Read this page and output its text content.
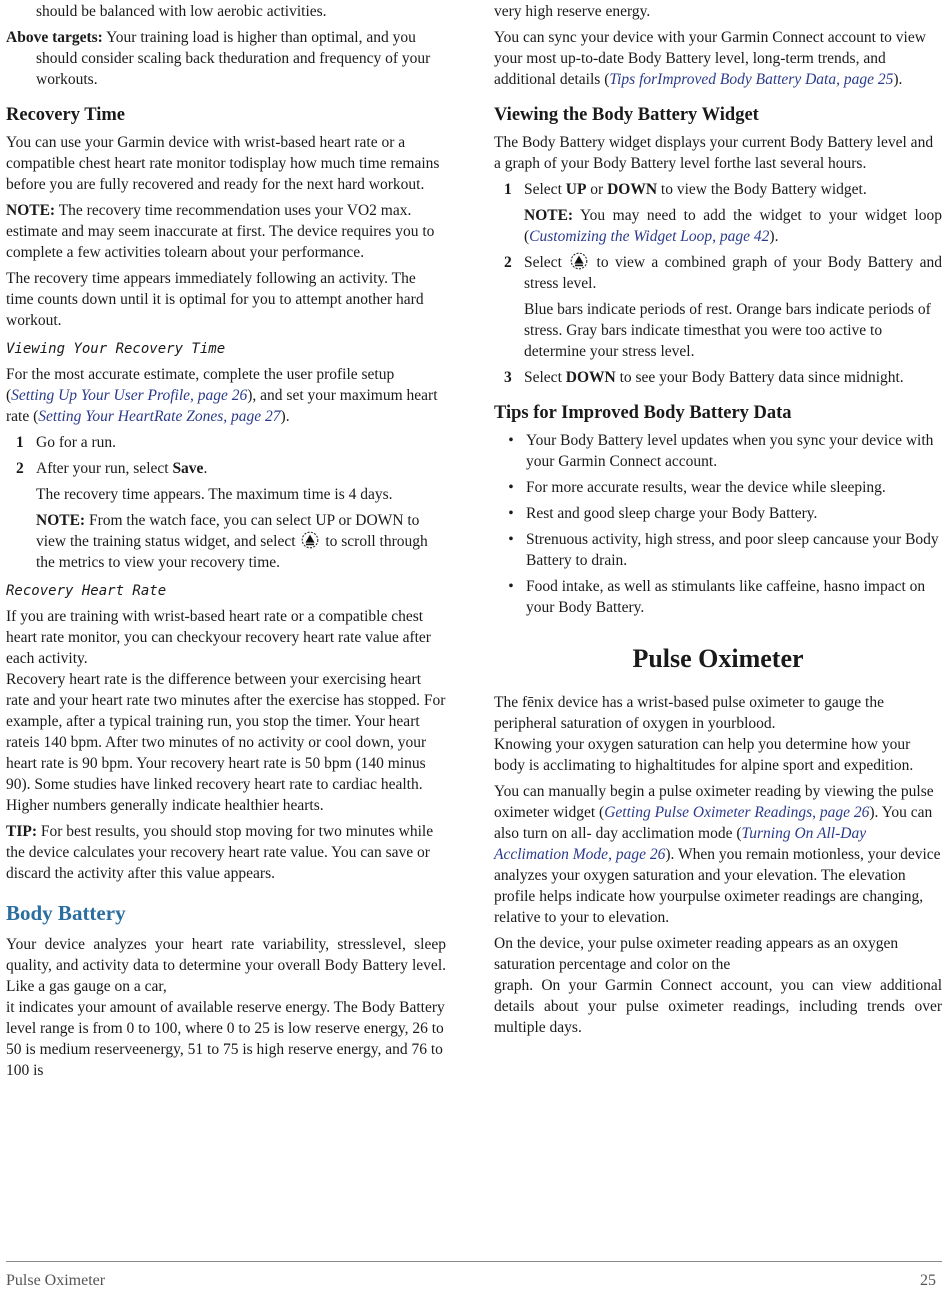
should be balanced with low aerobic activities.

Above targets: Your training load is higher than optimal, and you should consider scaling back theduration and frequency of your workouts.

Recovery Time

You can use your Garmin device with wrist-based heart rate or a compatible chest heart rate monitor todisplay how much time remains before you are fully recovered and ready for the next hard workout.

NOTE: The recovery time recommendation uses your VO2 max. estimate and may seem inaccurate at first. The device requires you to complete a few activities tolearn about your performance.

The recovery time appears immediately following an activity. The time counts down until it is optimal for you to attempt another hard workout.

Viewing Your Recovery Time

For the most accurate estimate, complete the user profile setup (Setting Up Your User Profile, page 26), and set your maximum heart rate (Setting Your HeartRate Zones, page 27).

1 Go for a run.
2 After your run, select Save.

The recovery time appears. The maximum time is 4 days.

NOTE: From the watch face, you can select UP or DOWN to view the training status widget, and select  to scroll through the metrics to view your recovery time.

Recovery Heart Rate

If you are training with wrist-based heart rate or a compatible chest heart rate monitor, you can checkyour recovery heart rate value after each activity.

Recovery heart rate is the difference between your exercising heart rate and your heart rate two minutes after the exercise has stopped. For example, after a typical training run, you stop the timer. Your heart rateis 140 bpm. After two minutes of no activity or cool down, your heart rate is 90 bpm. Your recovery heart rate is 50 bpm (140 minus 90). Some studies have linked recovery heart rate to cardiac health. Higher numbers generally indicate healthier hearts.

TIP: For best results, you should stop moving for two minutes while the device calculates your recovery heart rate value. You can save or discard the activity after this value appears.

Body Battery

Your device analyzes your heart rate variability, stresslevel, sleep quality, and activity data to determine your overall Body Battery level. Like a gas gauge on a car,

it indicates your amount of available reserve energy. The Body Battery level range is from 0 to 100, where 0 to 25 is low reserve energy, 26 to 50 is medium reserveenergy, 51 to 75 is high reserve energy, and 76 to 100 is

very high reserve energy.

You can sync your device with your Garmin Connect account to view your most up-to-date Body Battery level, long-term trends, and additional details (Tips forImproved Body Battery Data, page 25).

Viewing the Body Battery Widget

The Body Battery widget displays your current Body Battery level and a graph of your Body Battery level forthe last several hours.

1 Select UP or DOWN to view the Body Battery widget.

NOTE: You may need to add the widget to your widget loop (Customizing the Widget Loop, page 42).

2 Select  to view a combined graph of your Body Battery and stress level.

Blue bars indicate periods of rest. Orange bars indicate periods of stress. Gray bars indicate timesthat you were too active to determine your stress level.

3 Select DOWN to see your Body Battery data since midnight.
Tips for Improved Body Battery Data
• Your Body Battery level updates when you sync your device with your Garmin Connect account.
• For more accurate results, wear the device while sleeping.
• Rest and good sleep charge your Body Battery.
• Strenuous activity, high stress, and poor sleep cancause your Body Battery to drain.
• Food intake, as well as stimulants like caffeine, hasno impact on your Body Battery.
Pulse Oximeter

The fēnix device has a wrist-based pulse oximeter to gauge the peripheral saturation of oxygen in yourblood.

Knowing your oxygen saturation can help you determine how your body is acclimating to highaltitudes for alpine sport and expedition.

You can manually begin a pulse oximeter reading by viewing the pulse oximeter widget (Getting Pulse Oximeter Readings, page 26). You can also turn on all- day acclimation mode (Turning On All-Day Acclimation Mode, page 26). When you remain motionless, your device analyzes your oxygen saturation and your elevation. The elevation profile helps indicate how yourpulse oximeter readings are changing, relative to your to elevation.

On the device, your pulse oximeter reading appears as an oxygen saturation percentage and color on the

graph. On your Garmin Connect account, you can view additional details about your pulse oximeter readings, including trends over multiple days.

Pulse Oximeter	25
